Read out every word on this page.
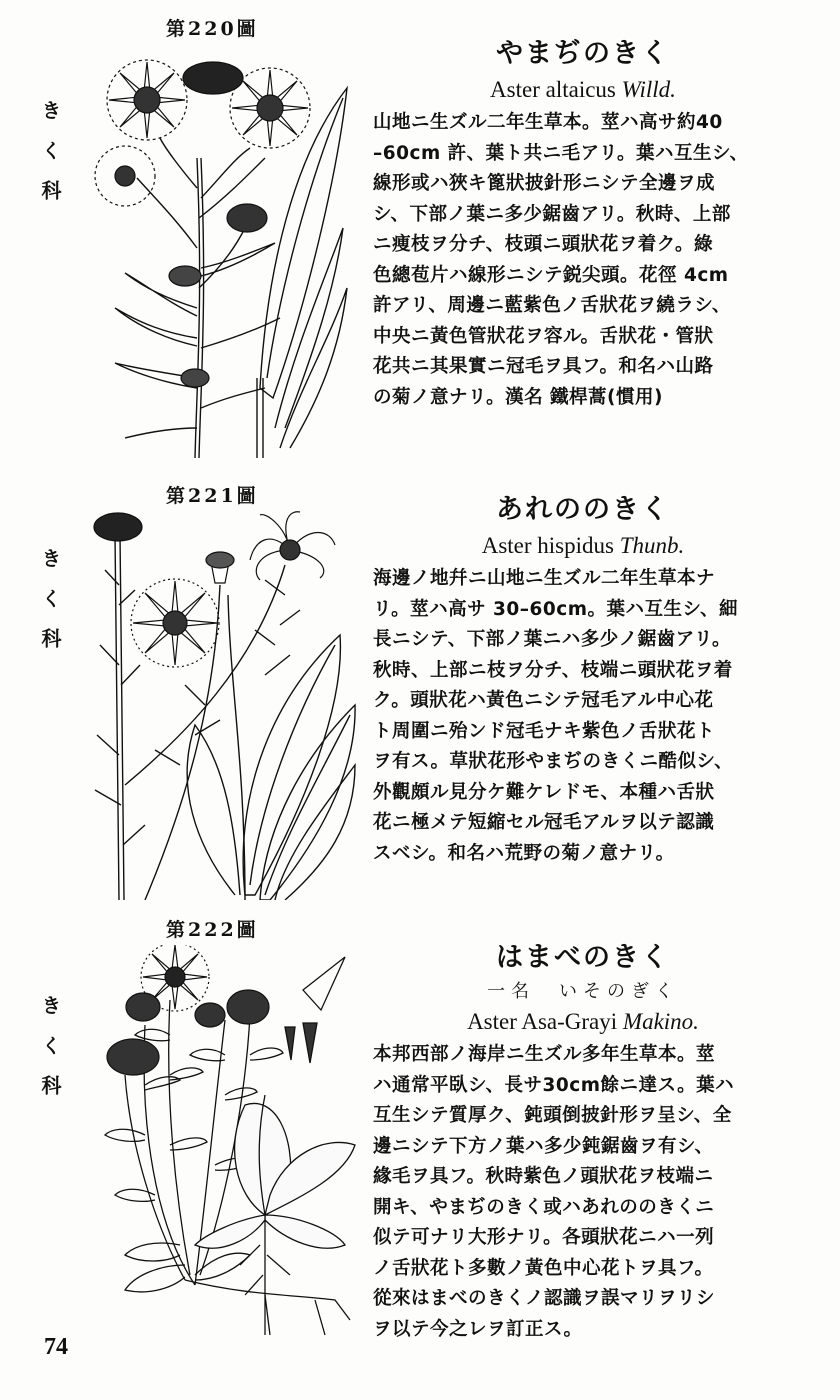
第220圖
きく科
やまぢのきく

Aster altaicus Willd.

山地ニ生ズル二年生草本。莖ハ高サ約40
–60cm 許、葉ト共ニ毛アリ。葉ハ互生シ、
線形或ハ狹キ篦狀披針形ニシテ全邊ヲ成
シ、下部ノ葉ニ多少鋸齒アリ。秋時、上部
ニ痩枝ヲ分チ、枝頭ニ頭狀花ヲ着ク。綠
色總苞片ハ線形ニシテ鋭尖頭。花徑 4cm
許アリ、周邊ニ藍紫色ノ舌狀花ヲ繞ラシ、
中央ニ黃色管狀花ヲ容ル。舌狀花・管狀
花共ニ其果實ニ冠毛ヲ具フ。和名ハ山路
の菊ノ意ナリ。漢名 鐵桿蒿(慣用)

第221圖
きく科
あれののきく

Aster hispidus Thunb.

海邊ノ地幷ニ山地ニ生ズル二年生草本ナ
リ。莖ハ高サ 30–60cm。葉ハ互生シ、細
長ニシテ、下部ノ葉ニハ多少ノ鋸齒アリ。
秋時、上部ニ枝ヲ分チ、枝端ニ頭狀花ヲ着
ク。頭狀花ハ黃色ニシテ冠毛アル中心花
ト周圍ニ殆ンド冠毛ナキ紫色ノ舌狀花ト
ヲ有ス。草狀花形やまぢのきくニ酷似シ、
外觀頗ル見分ケ難ケレドモ、本種ハ舌狀
花ニ極メテ短縮セル冠毛アルヲ以テ認識
スベシ。和名ハ荒野の菊ノ意ナリ。

第222圖
きく科
はまべのきく

一名　いそのぎく

Aster Asa-Grayi Makino.

本邦西部ノ海岸ニ生ズル多年生草本。莖
ハ通常平臥シ、長サ30cm餘ニ達ス。葉ハ
互生シテ質厚ク、鈍頭倒披針形ヲ呈シ、全
邊ニシテ下方ノ葉ハ多少鈍鋸齒ヲ有シ、
緣毛ヲ具フ。秋時紫色ノ頭狀花ヲ枝端ニ
開キ、やまぢのきく或ハあれののきくニ
似テ可ナリ大形ナリ。各頭狀花ニハ一列
ノ舌狀花ト多數ノ黃色中心花トヲ具フ。
從來はまべのきくノ認識ヲ誤マリヲリシ
ヲ以テ今之レヲ訂正ス。

74
